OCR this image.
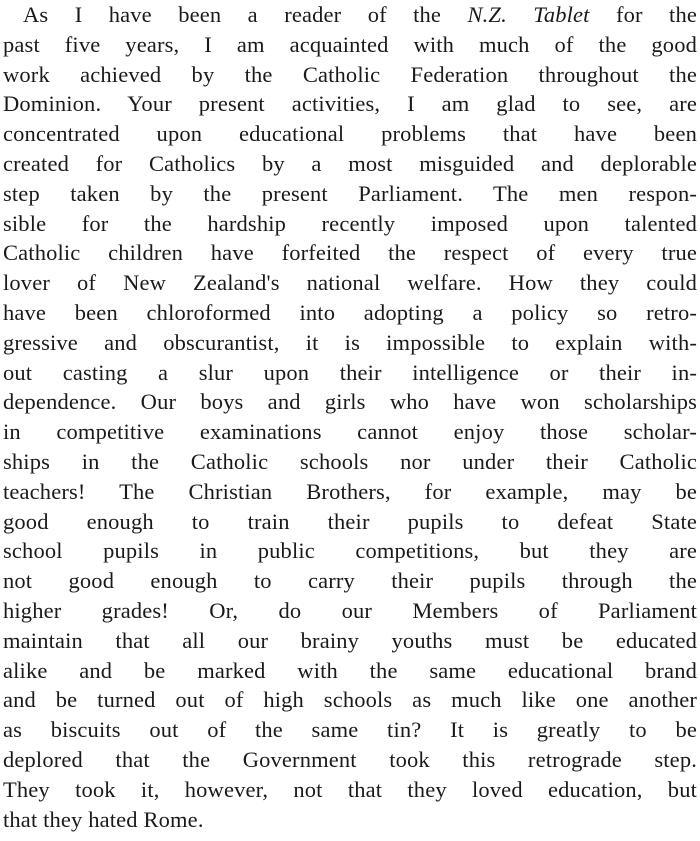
As I have been a reader of the N.Z. Tablet for the
past five years, I am acquainted with much of the good
work achieved by the Catholic Federation throughout the
Dominion. Your present activities, I am glad to see, are
concentrated upon educational problems that have been
created for Catholics by a most misguided and deplorable
step taken by the present Parliament. The men respon-
sible for the hardship recently imposed upon talented
Catholic children have forfeited the respect of every true
lover of New Zealand's national welfare. How they could
have been chloroformed into adopting a policy so retro-
gressive and obscurantist, it is impossible to explain with-
out casting a slur upon their intelligence or their in-
dependence. Our boys and girls who have won scholarships
in competitive examinations cannot enjoy those scholar-
ships in the Catholic schools nor under their Catholic
teachers! The Christian Brothers, for example, may be
good enough to train their pupils to defeat State
school pupils in public competitions, but they are
not good enough to carry their pupils through the
higher grades! Or, do our Members of Parliament
maintain that all our brainy youths must be educated
alike and be marked with the same educational brand
and be turned out of high schools as much like one another
as biscuits out of the same tin? It is greatly to be
deplored that the Government took this retrograde step.
They took it, however, not that they loved education, but
that they hated Rome.
